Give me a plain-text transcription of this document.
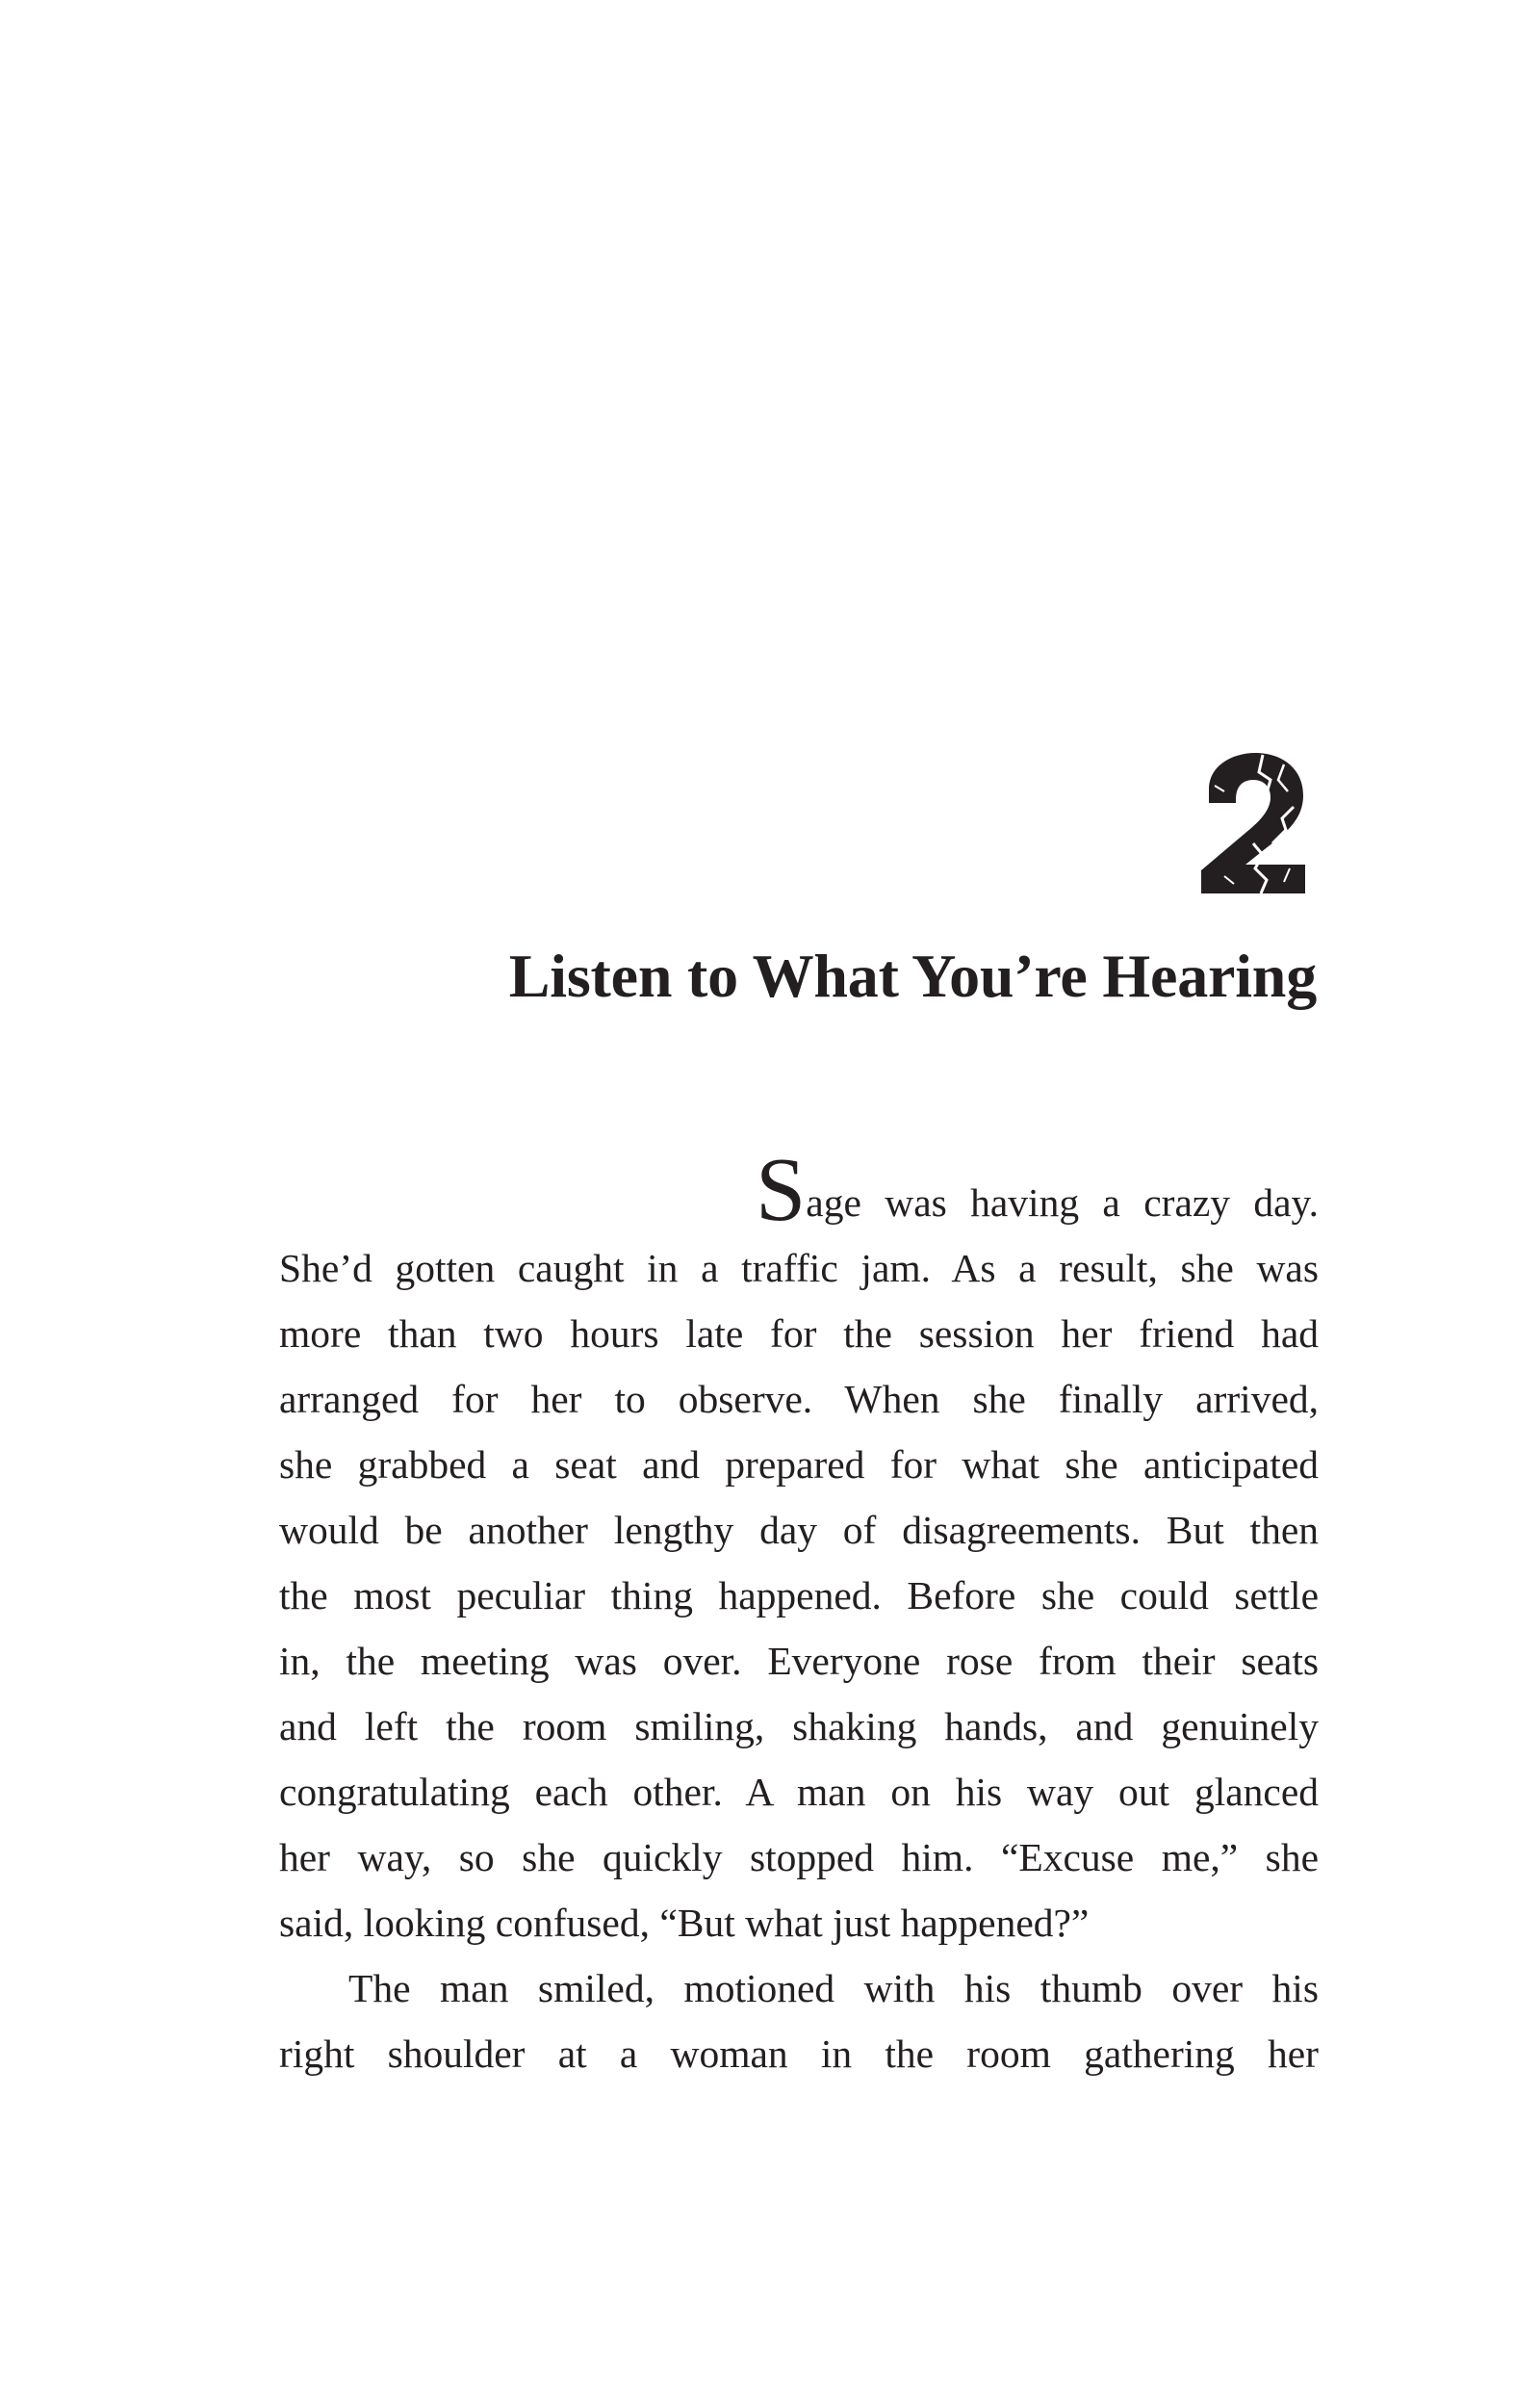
Listen to What You’re Hearing

Sage was having a crazy day.
She’d gotten caught in a traffic jam. As a result, she was
more than two hours late for the session her friend had
arranged for her to observe. When she finally arrived,
she grabbed a seat and prepared for what she anticipated
would be another lengthy day of disagreements. But then
the most peculiar thing happened. Before she could settle
in, the meeting was over. Everyone rose from their seats
and left the room smiling, shaking hands, and genuinely
congratulating each other. A man on his way out glanced
her way, so she quickly stopped him. “Excuse me,” she
said, looking confused, “But what just happened?”

The man smiled, motioned with his thumb over his
right shoulder at a woman in the room gathering her
